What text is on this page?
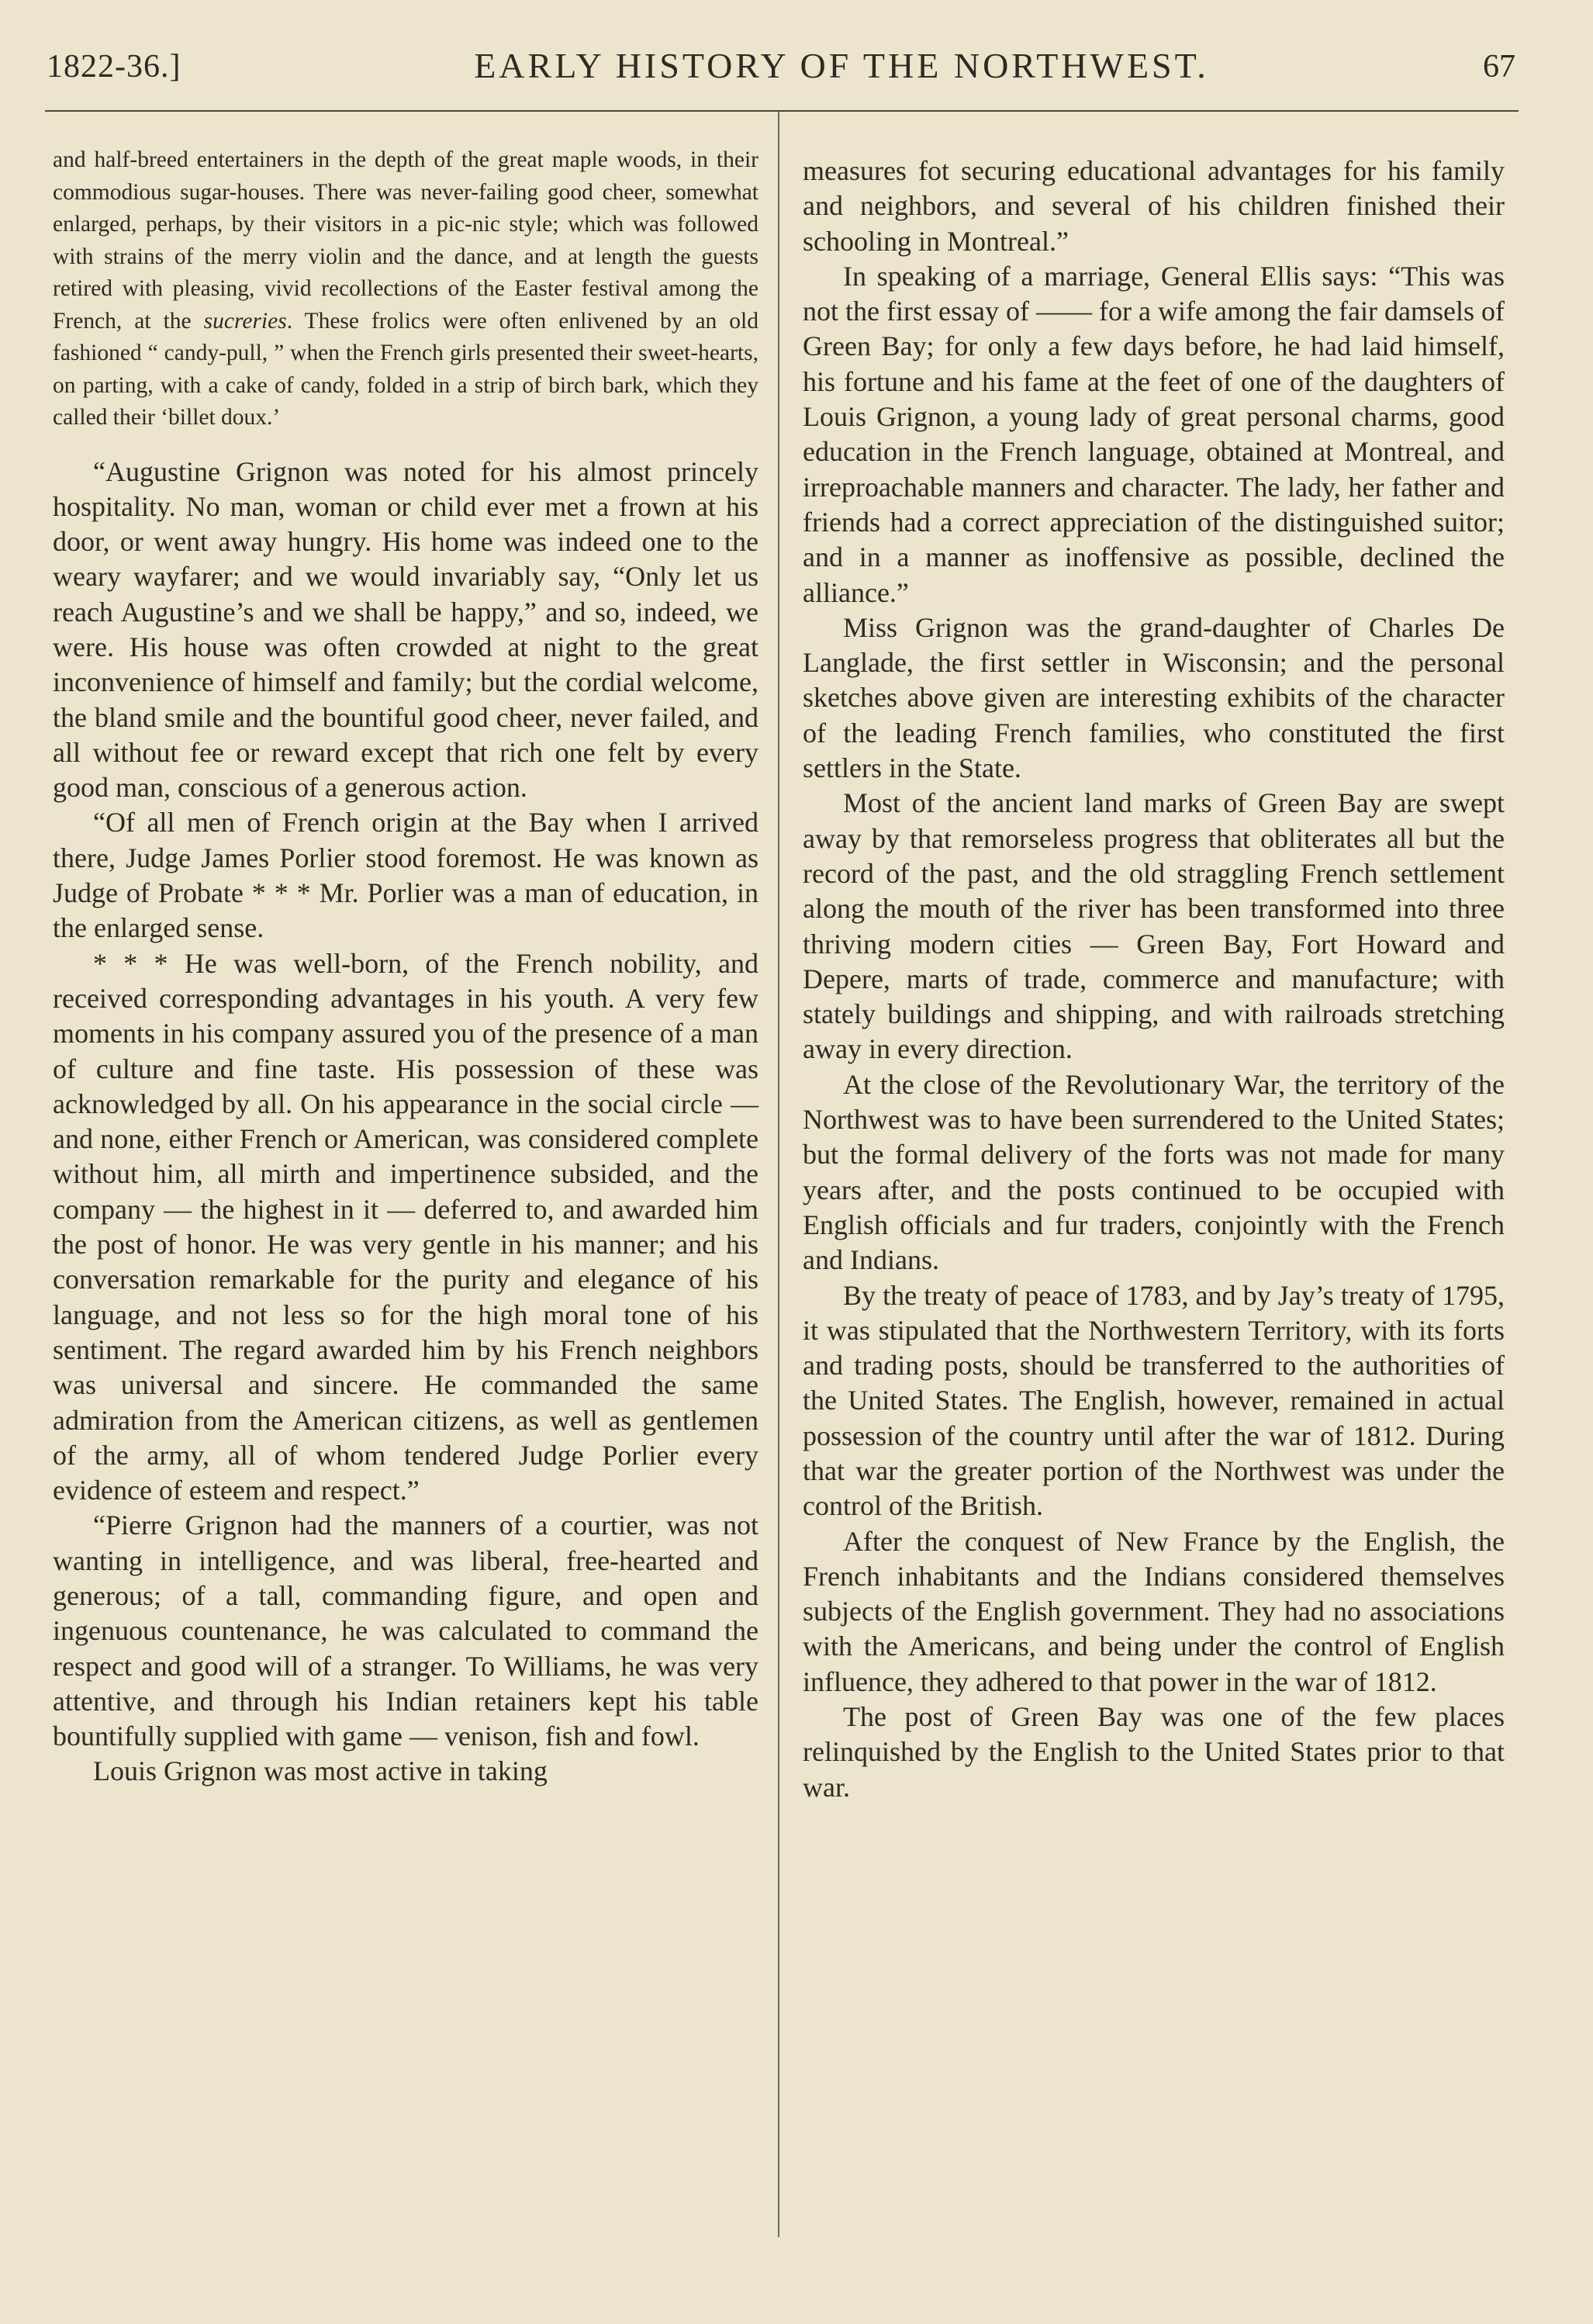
1822-36.]	EARLY HISTORY OF THE NORTHWEST.	67

and half-breed entertainers in the depth of the great maple woods, in their commodious sugar-houses. There was never-failing good cheer, somewhat enlarged, perhaps, by their visitors in a pic-nic style; which was followed with strains of the merry violin and the dance, and at length the guests retired with pleasing, vivid recollections of the Easter festival among the French, at the sucreries. These frolics were often enlivened by an old fashioned “ candy-pull, ” when the French girls presented their sweet-hearts, on parting, with a cake of candy, folded in a strip of birch bark, which they called their ‘billet doux.’

“Augustine Grignon was noted for his almost princely hospitality. No man, woman or child ever met a frown at his door, or went away hungry. His home was indeed one to the weary wayfarer; and we would invariably say, “Only let us reach Augustine’s and we shall be happy,” and so, indeed, we were. His house was often crowded at night to the great inconvenience of himself and family; but the cordial welcome, the bland smile and the bountiful good cheer, never failed, and all without fee or reward except that rich one felt by every good man, conscious of a generous action.

“Of all men of French origin at the Bay when I arrived there, Judge James Porlier stood foremost. He was known as Judge of Probate * * * Mr. Porlier was a man of education, in the enlarged sense.

* * * He was well-born, of the French nobility, and received corresponding advantages in his youth. A very few moments in his company assured you of the presence of a man of culture and fine taste. His possession of these was acknowledged by all. On his appearance in the social circle — and none, either French or American, was considered complete without him, all mirth and impertinence subsided, and the company — the highest in it — deferred to, and awarded him the post of honor. He was very gentle in his manner; and his conversation remarkable for the purity and elegance of his language, and not less so for the high moral tone of his sentiment. The regard awarded him by his French neighbors was universal and sincere. He commanded the same admiration from the American citizens, as well as gentlemen of the army, all of whom tendered Judge Porlier every evidence of esteem and respect.”

“Pierre Grignon had the manners of a courtier, was not wanting in intelligence, and was liberal, free-hearted and generous; of a tall, commanding figure, and open and ingenuous countenance, he was calculated to command the respect and good will of a stranger. To Williams, he was very attentive, and through his Indian retainers kept his table bountifully supplied with game — venison, fish and fowl.

Louis Grignon was most active in taking

measures fot securing educational advantages for his family and neighbors, and several of his children finished their schooling in Montreal.”

In speaking of a marriage, General Ellis says: “This was not the first essay of —— for a wife among the fair damsels of Green Bay; for only a few days before, he had laid himself, his fortune and his fame at the feet of one of the daughters of Louis Grignon, a young lady of great personal charms, good education in the French language, obtained at Montreal, and irreproachable manners and character. The lady, her father and friends had a correct appreciation of the distinguished suitor; and in a manner as inoffensive as possible, declined the alliance.”

Miss Grignon was the grand-daughter of Charles De Langlade, the first settler in Wisconsin; and the personal sketches above given are interesting exhibits of the character of the leading French families, who constituted the first settlers in the State.

Most of the ancient land marks of Green Bay are swept away by that remorseless progress that obliterates all but the record of the past, and the old straggling French settlement along the mouth of the river has been transformed into three thriving modern cities — Green Bay, Fort Howard and Depere, marts of trade, commerce and manufacture; with stately buildings and shipping, and with railroads stretching away in every direction.

At the close of the Revolutionary War, the territory of the Northwest was to have been surrendered to the United States; but the formal delivery of the forts was not made for many years after, and the posts continued to be occupied with English officials and fur traders, conjointly with the French and Indians.

By the treaty of peace of 1783, and by Jay’s treaty of 1795, it was stipulated that the Northwestern Territory, with its forts and trading posts, should be transferred to the authorities of the United States. The English, however, remained in actual possession of the country until after the war of 1812. During that war the greater portion of the Northwest was under the control of the British.

After the conquest of New France by the English, the French inhabitants and the Indians considered themselves subjects of the English government. They had no associations with the Americans, and being under the control of English influence, they adhered to that power in the war of 1812.

The post of Green Bay was one of the few places relinquished by the English to the United States prior to that war.
